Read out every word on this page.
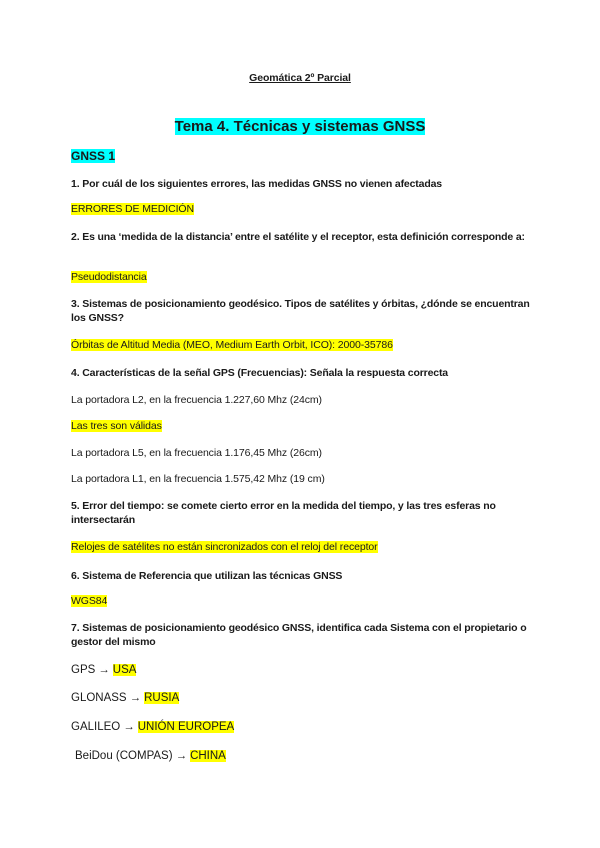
Geomática 2º Parcial
Tema 4. Técnicas y sistemas GNSS
GNSS 1
1. Por cuál de los siguientes errores, las medidas GNSS no vienen afectadas
ERRORES DE MEDICIÓN
2. Es una ‘medida de la distancia’ entre el satélite y el receptor, esta definición corresponde a:
Pseudodistancia
3. Sistemas de posicionamiento geodésico. Tipos de satélites y órbitas, ¿dónde se encuentran los GNSS?
Órbitas de Altitud Media (MEO, Medium Earth Orbit, ICO): 2000-35786
4. Características de la señal GPS (Frecuencias): Señala la respuesta correcta
La portadora L2, en la frecuencia 1.227,60 Mhz (24cm)
Las tres son válidas
La portadora L5, en la frecuencia 1.176,45 Mhz (26cm)
La portadora L1, en la frecuencia 1.575,42 Mhz (19 cm)
5. Error del tiempo: se comete cierto error en la medida del tiempo, y las tres esferas no intersectarán
Relojes de satélites no están sincronizados con el reloj del receptor
6. Sistema de Referencia que utilizan las técnicas GNSS
WGS84
7. Sistemas de posicionamiento geodésico GNSS, identifica cada Sistema con el propietario o gestor del mismo
GPS → USA
GLONASS → RUSIA
GALILEO → UNIÓN EUROPEA
BeiDou (COMPAS) → CHINA
